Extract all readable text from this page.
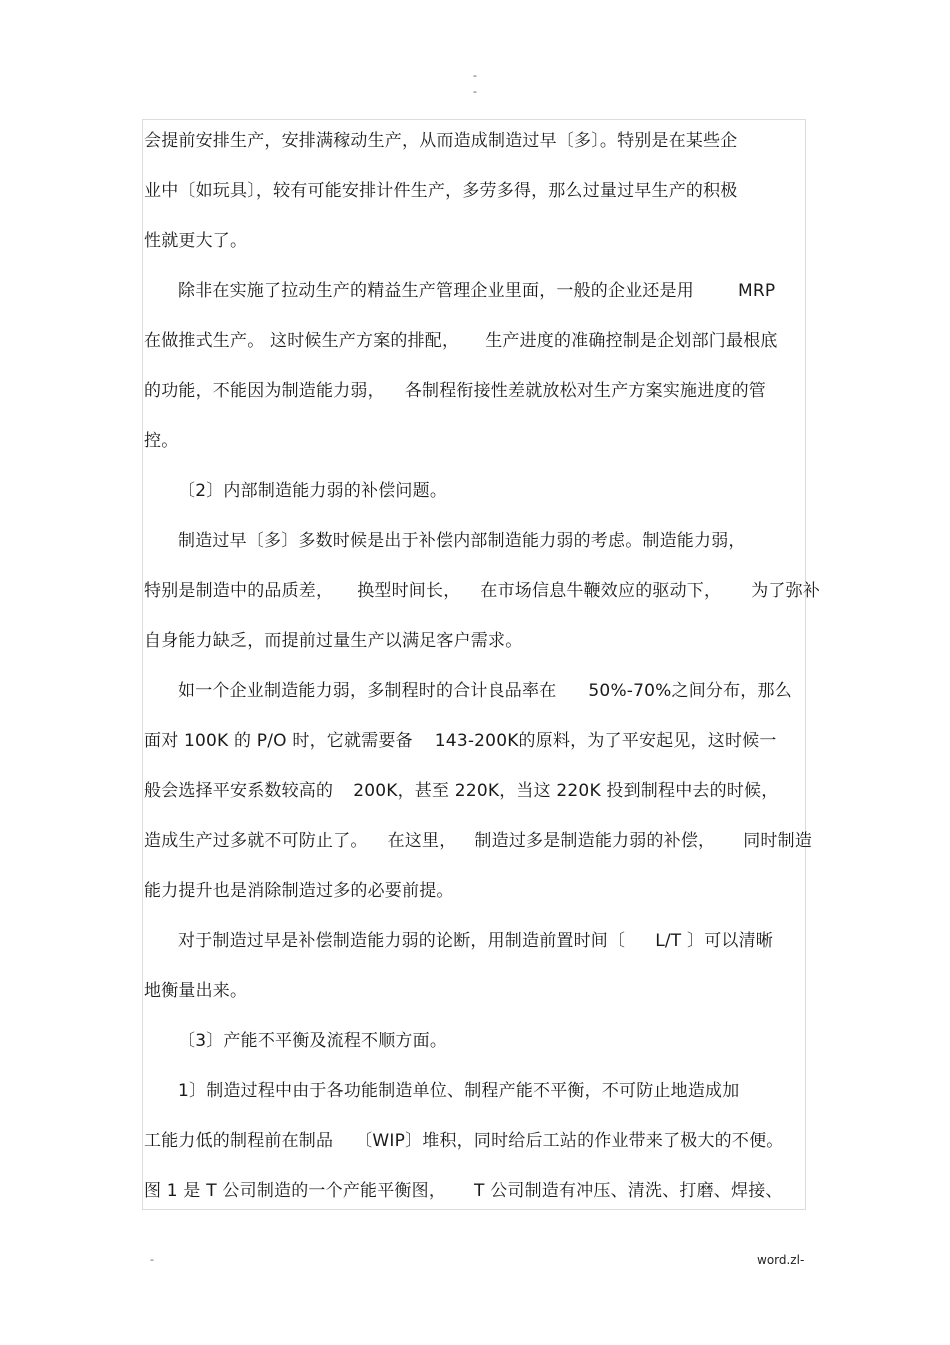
-
-
会提前安排生产，安排满稼动生产，从而造成制造过早〔多〕。特别是在某些企
业中〔如玩具〕，较有可能安排计件生产，多劳多得，那么过量过早生产的积极
性就更大了。
除非在实施了拉动生产的精益生产管理企业里面，一般的企业还是用	MRP
在做推式生产。 这时候生产方案的排配， 生产进度的准确控制是企划部门最根底
的功能，不能因为制造能力弱， 各制程衔接性差就放松对生产方案实施进度的管
控。
〔2〕内部制造能力弱的补偿问题。
制造过早〔多〕多数时候是出于补偿内部制造能力弱的考虑。制造能力弱，
特别是制造中的品质差， 换型时间长， 在市场信息牛鞭效应的驱动下， 为了弥补
自身能力缺乏，而提前过量生产以满足客户需求。
如一个企业制造能力弱，多制程时的合计良品率在 50%-70%之间分布，那么
面对 100K 的 P/O 时，它就需要备 143-200K的原料，为了平安起见，这时候一
般会选择平安系数较高的 200K，甚至 220K，当这 220K 投到制程中去的时候，
造成生产过多就不可防止了。 在这里， 制造过多是制造能力弱的补偿， 同时制造
能力提升也是消除制造过多的必要前提。
对于制造过早是补偿制造能力弱的论断，用制造前置时间〔 L/T 〕可以清晰
地衡量出来。
〔3〕产能不平衡及流程不顺方面。
1〕制造过程中由于各功能制造单位、制程产能不平衡，不可防止地造成加
工能力低的制程前在制品 〔WIP〕堆积，同时给后工站的作业带来了极大的不便。
图 1 是 T 公司制造的一个产能平衡图， T 公司制造有冲压、清洗、打磨、焊接、
-	word.zl-
